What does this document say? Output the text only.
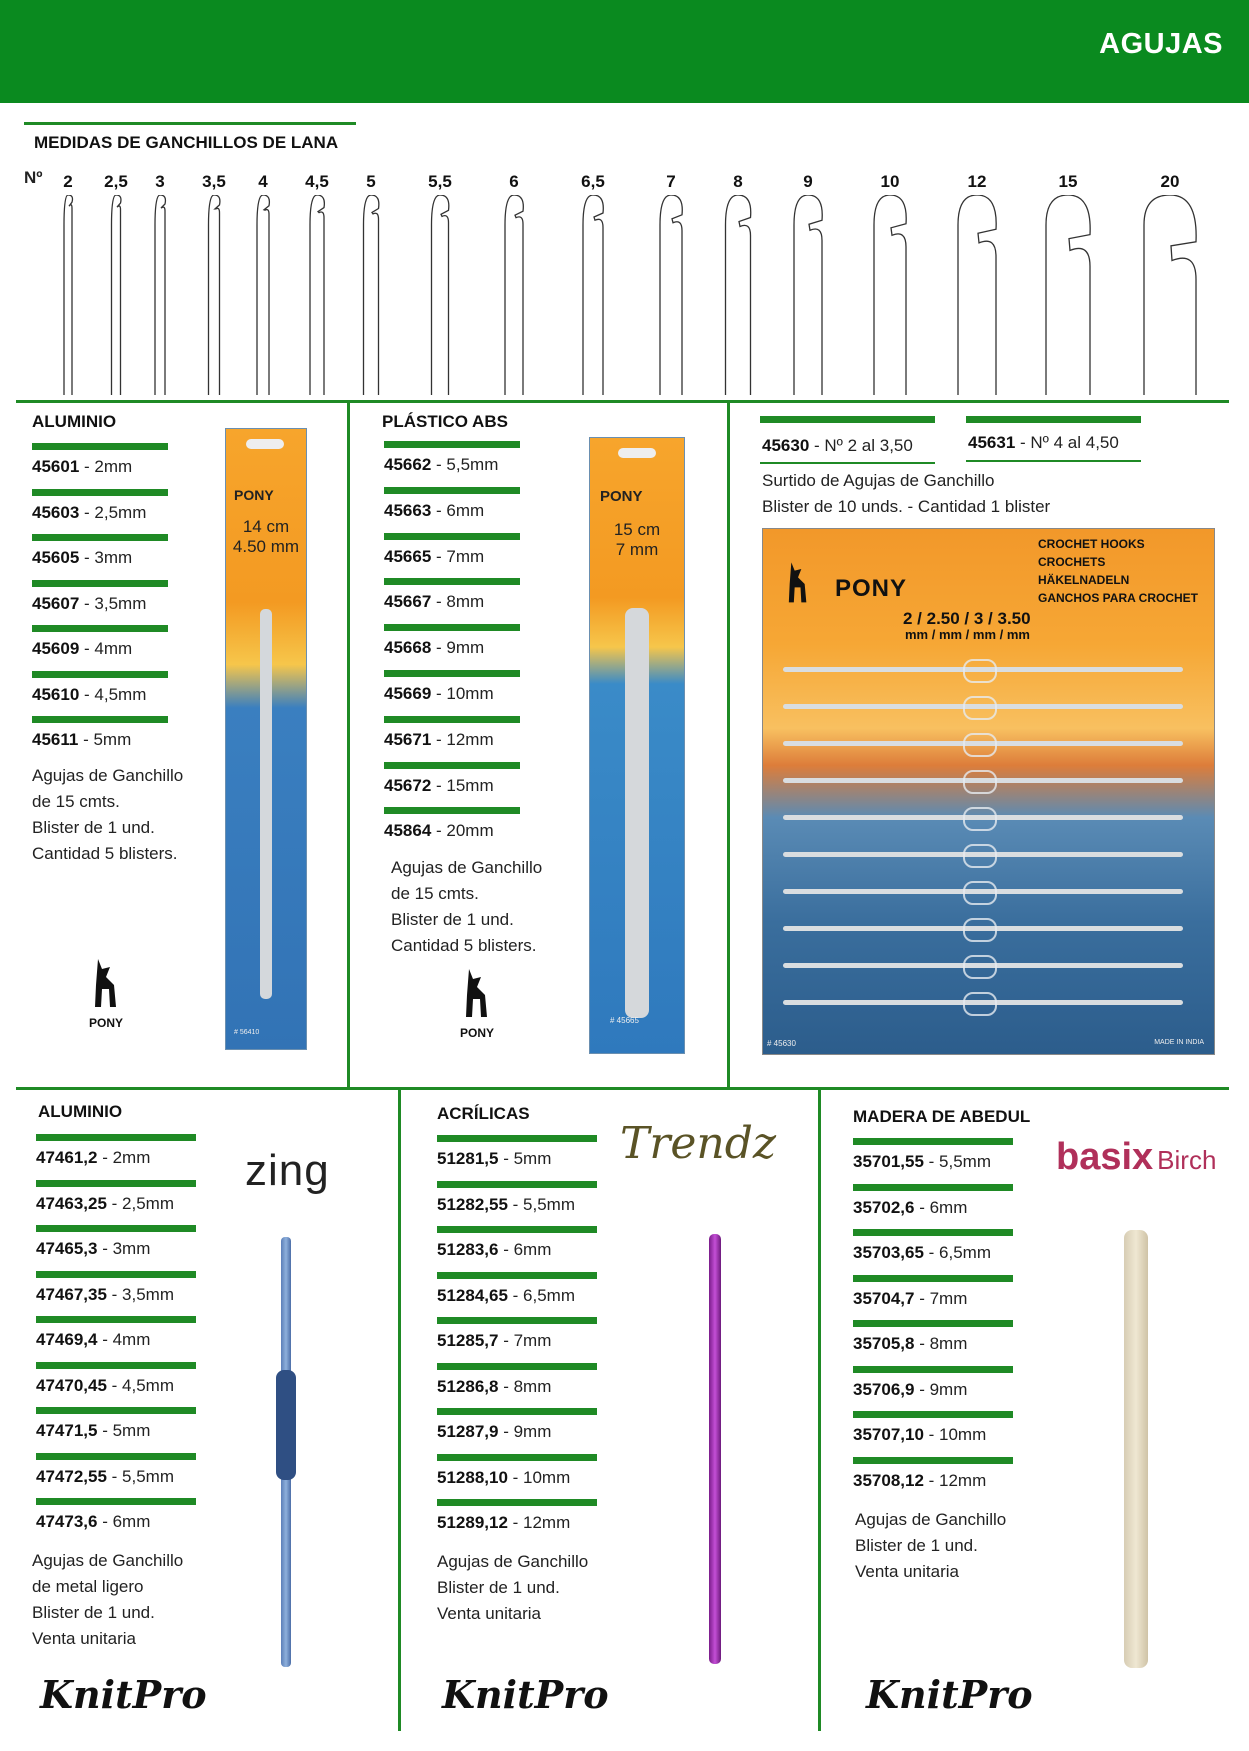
AGUJAS
MEDIDAS DE GANCHILLOS DE LANA
Nº	2	2,5	3	3,5	4	4,5	5	5,5	6	6,5	7	8	9	10	12	15	20
ALUMINIO
45601 - 2mm
45603 - 2,5mm
45605 - 3mm
45607 - 3,5mm
45609 - 4mm
45610 - 4,5mm
45611 - 5mm
Agujas de Ganchillo
de 15 cmts.
Blister de 1 und.
Cantidad 5 blisters.
PONY
PONY
14 cm
4.50 mm
# 56410
PLÁSTICO ABS
45662 - 5,5mm
45663 - 6mm
45665 - 7mm
45667 - 8mm
45668 - 9mm
45669 - 10mm
45671 - 12mm
45672 - 15mm
45864 - 20mm
Agujas de Ganchillo
de 15 cmts.
Blister de 1 und.
Cantidad 5 blisters.
PONY
PONY
15 cm
7 mm
# 45665
45630 - Nº 2 al 3,50	45631 - Nº 4 al 4,50
Surtido de Agujas de Ganchillo
Blister de 10 unds. - Cantidad 1 blister
PONY
CROCHET HOOKS
CROCHETS
HÄKELNADELN
GANCHOS PARA CROCHET
2 / 2.50 / 3 / 3.50
mm / mm / mm / mm
# 45630	MADE IN INDIA
ALUMINIO
zing
47461,2 - 2mm
47463,25 - 2,5mm
47465,3 - 3mm
47467,35 - 3,5mm
47469,4 - 4mm
47470,45 - 4,5mm
47471,5 - 5mm
47472,55 - 5,5mm
47473,6 - 6mm
Agujas de Ganchillo
de metal ligero
Blister de 1 und.
Venta unitaria
KnitPro
ACRÍLICAS
Trendz
51281,5 - 5mm
51282,55 - 5,5mm
51283,6 - 6mm
51284,65 - 6,5mm
51285,7 - 7mm
51286,8 - 8mm
51287,9 - 9mm
51288,10 - 10mm
51289,12 - 12mm
Agujas de Ganchillo
Blister de 1 und.
Venta unitaria
KnitPro
MADERA DE ABEDUL
basix Birch
35701,55 - 5,5mm
35702,6 - 6mm
35703,65 - 6,5mm
35704,7 - 7mm
35705,8 - 8mm
35706,9 - 9mm
35707,10 - 10mm
35708,12 - 12mm
Agujas de Ganchillo
Blister de 1 und.
Venta unitaria
KnitPro
